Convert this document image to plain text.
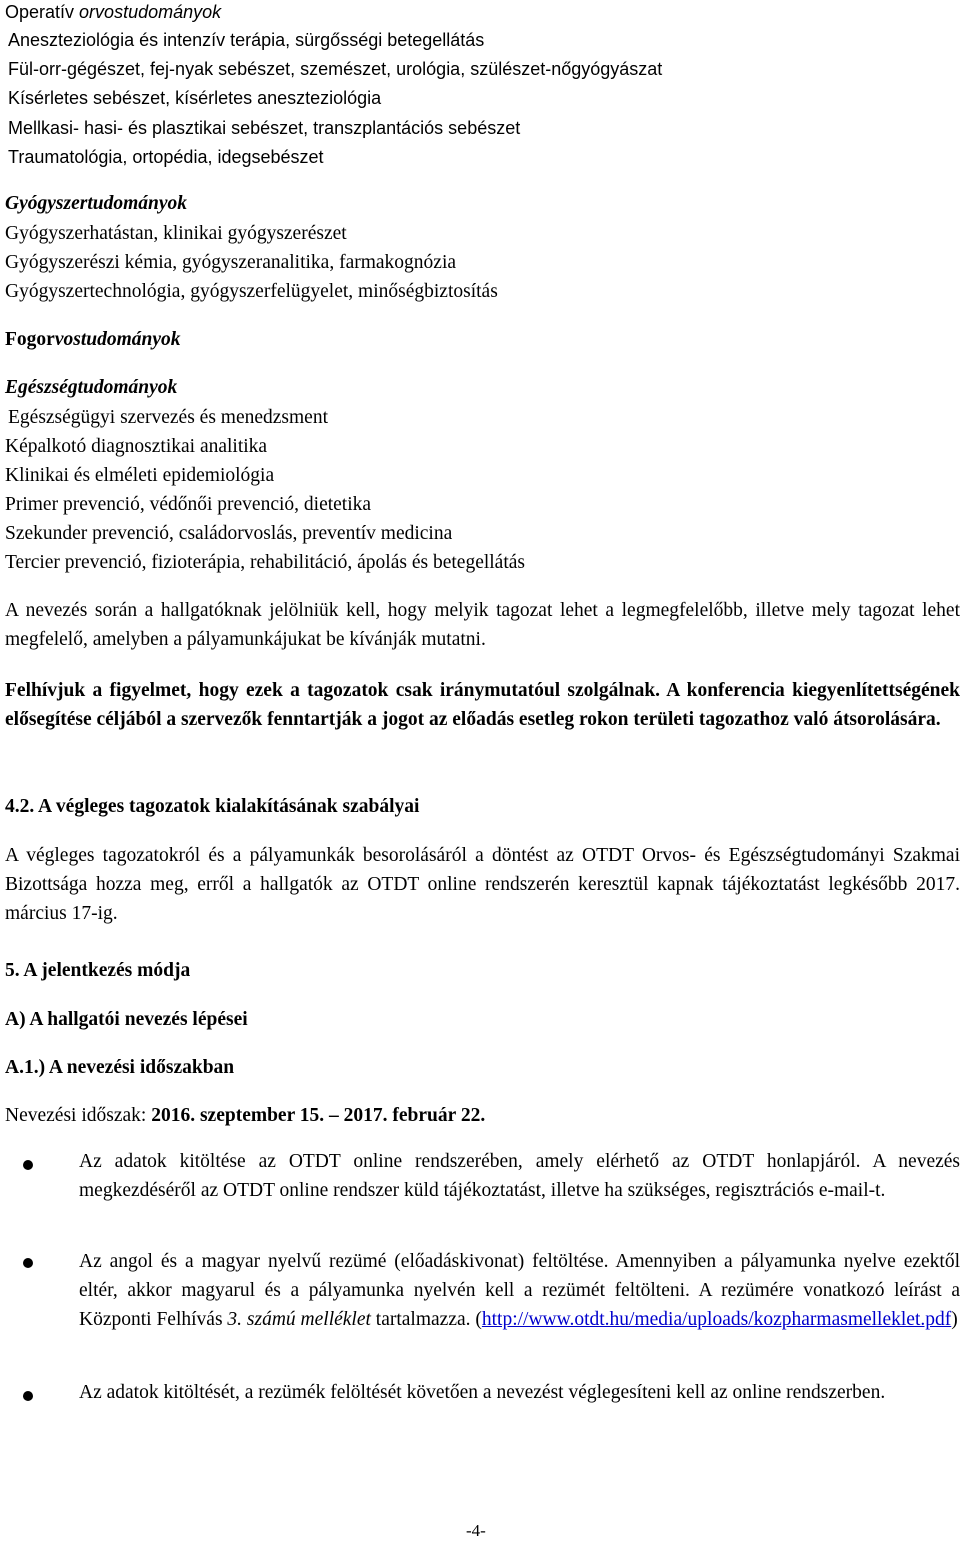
Operatív orvostudományok
Aneszteziológia és intenzív terápia, sürgősségi betegellátás
Fül-orr-gégészet, fej-nyak sebészet, szemészet, urológia, szülészet-nőgyógyászat
Kísérletes sebészet, kísérletes aneszteziológia
Mellkasi- hasi- és plasztikai sebészet, transzplantációs sebészet
Traumatológia, ortopédia, idegsebészet
Gyógyszertudományok
Gyógyszerhatástan, klinikai gyógyszerészet
Gyógyszerészi kémia, gyógyszeranalitika, farmakognózia
Gyógyszertechnológia, gyógyszerfelügyelet, minőségbiztosítás
Fogorvostudományok
Egészségtudományok
Egészségügyi szervezés és menedzsment
Képalkotó diagnosztikai analitika
Klinikai és elméleti epidemiológia
Primer prevenció, védőnői prevenció, dietetika
Szekunder prevenció, családorvoslás, preventív medicina
Tercier prevenció, fizioterápia, rehabilitáció, ápolás és betegellátás
A nevezés során a hallgatóknak jelölniük kell, hogy melyik tagozat lehet a legmegfelelőbb, illetve mely tagozat lehet megfelelő, amelyben a pályamunkájukat be kívánják mutatni.
Felhívjuk a figyelmet, hogy ezek a tagozatok csak iránymutatóul szolgálnak. A konferencia kiegyenlítettségének elősegítése céljából a szervezők fenntartják a jogot az előadás esetleg rokon területi tagozathoz való átsorolására.
4.2. A végleges tagozatok kialakításának szabályai
A végleges tagozatokról és a pályamunkák besorolásáról a döntést az OTDT Orvos- és Egészségtudományi Szakmai Bizottsága hozza meg, erről a hallgatók az OTDT online rendszerén keresztül kapnak tájékoztatást legkésőbb 2017. március 17-ig.
5. A jelentkezés módja
A) A hallgatói nevezés lépései
A.1.) A nevezési időszakban
Nevezési időszak: 2016. szeptember 15. – 2017. február 22.
Az adatok kitöltése az OTDT online rendszerében, amely elérhető az OTDT honlapjáról. A nevezés megkezdéséről az OTDT online rendszer küld tájékoztatást, illetve ha szükséges, regisztrációs e-mail-t.
Az angol és a magyar nyelvű rezümé (előadáskivonat) feltöltése. Amennyiben a pályamunka nyelve ezektől eltér, akkor magyarul és a pályamunka nyelvén kell a rezümét feltölteni. A rezümére vonatkozó leírást a Központi Felhívás 3. számú melléklet tartalmazza. (http://www.otdt.hu/media/uploads/kozpharmasmelleklet.pdf)
Az adatok kitöltését, a rezümék felöltését követően a nevezést véglegesíteni kell az online rendszerben.
-4-
